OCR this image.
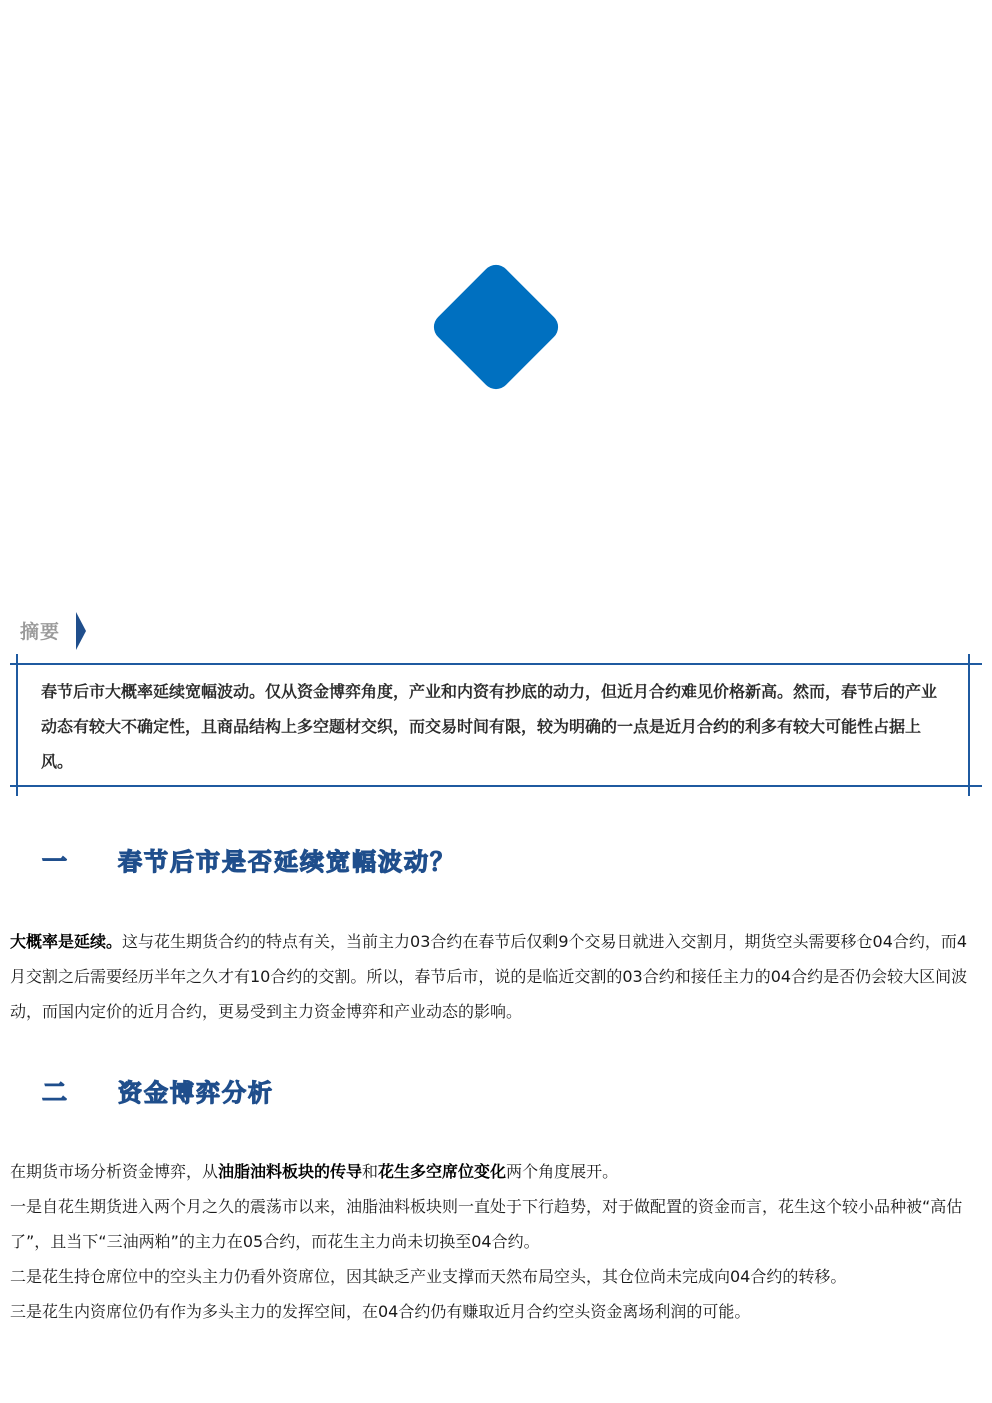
摘要

春节后市大概率延续宽幅波动。仅从资金博弈角度，产业和内资有抄底的动力，但近月合约难见价格新高。然而，春节后的产业动态有较大不确定性，且商品结构上多空题材交织，而交易时间有限，较为明确的一点是近月合约的利多有较大可能性占据上风。

一 春节后市是否延续宽幅波动？

大概率是延续。这与花生期货合约的特点有关，当前主力03合约在春节后仅剩9个交易日就进入交割月，期货空头需要移仓04合约，而4月交割之后需要经历半年之久才有10合约的交割。所以，春节后市，说的是临近交割的03合约和接任主力的04合约是否仍会较大区间波动，而国内定价的近月合约，更易受到主力资金博弈和产业动态的影响。

二 资金博弈分析

在期货市场分析资金博弈，从油脂油料板块的传导和花生多空席位变化两个角度展开。

一是自花生期货进入两个月之久的震荡市以来，油脂油料板块则一直处于下行趋势，对于做配置的资金而言，花生这个较小品种被“高估了”，且当下“三油两粕”的主力在05合约，而花生主力尚未切换至04合约。

二是花生持仓席位中的空头主力仍看外资席位，因其缺乏产业支撑而天然布局空头，其仓位尚未完成向04合约的转移。

三是花生内资席位仍有作为多头主力的发挥空间，在04合约仍有赚取近月合约空头资金离场利润的可能。
